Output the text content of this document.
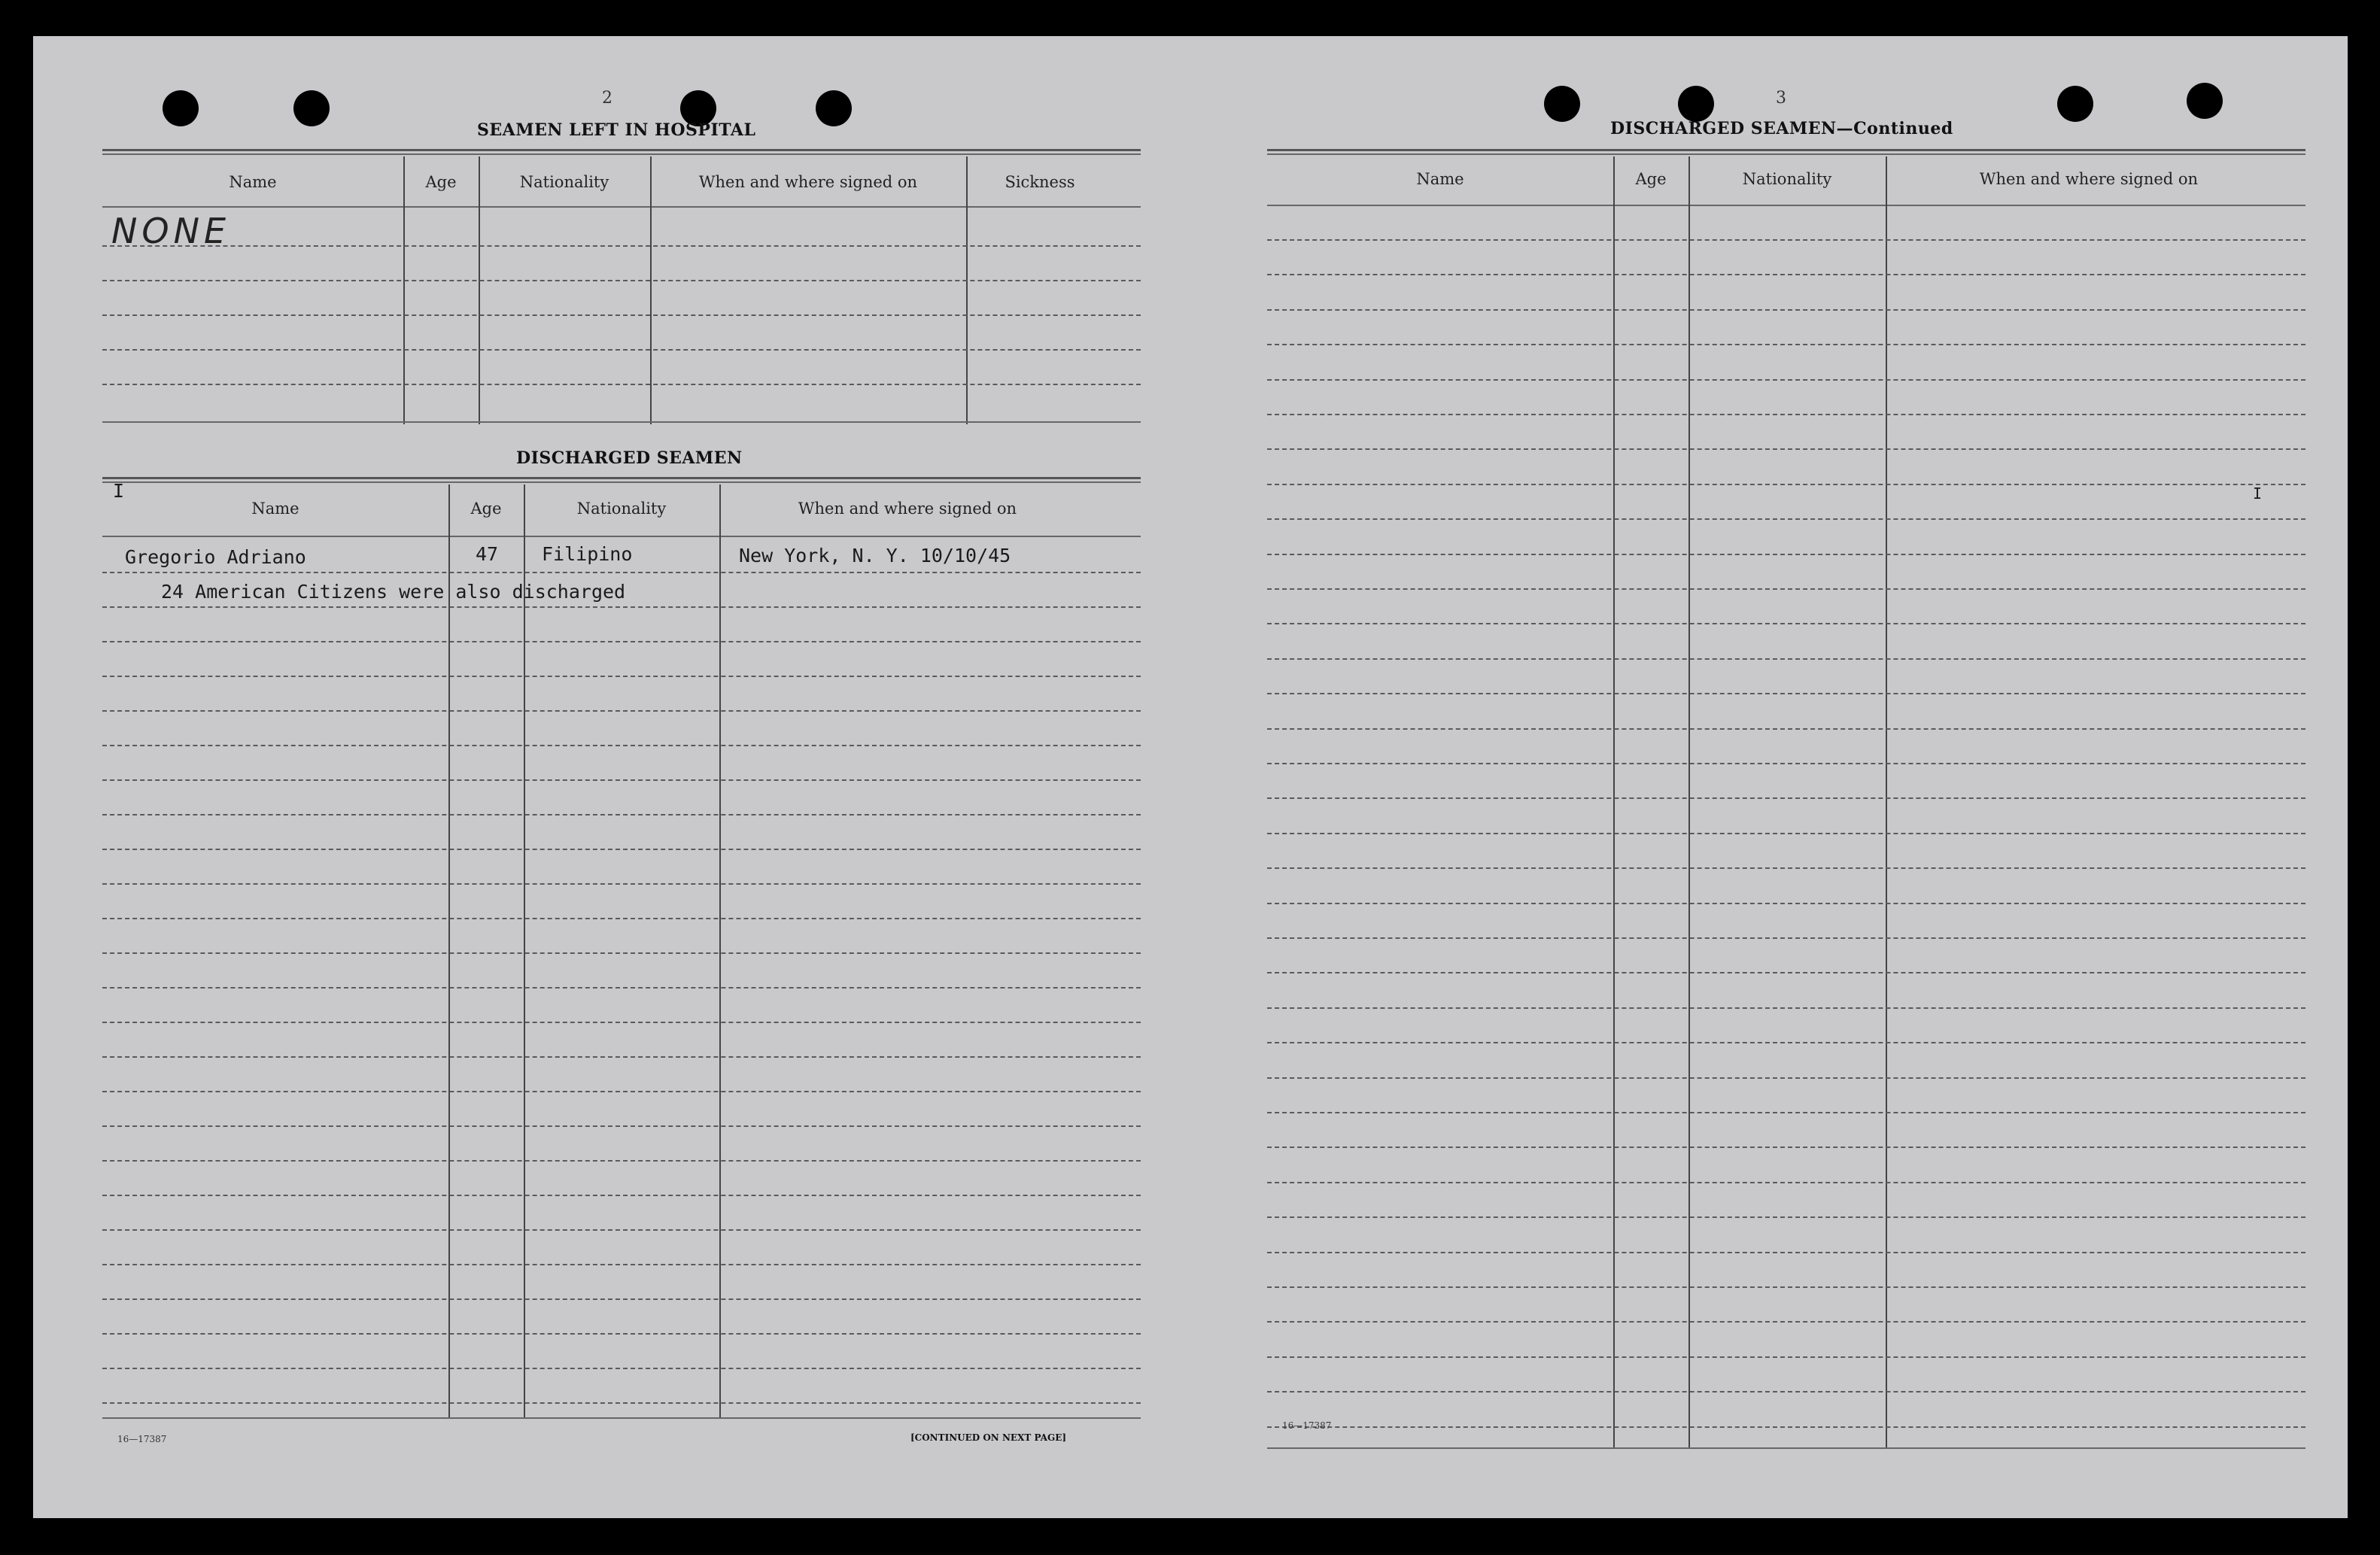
2
SEAMEN LEFT IN HOSPITAL
Name	Age	Nationality	When and where signed on	Sickness
NONE
DISCHARGED SEAMEN
I
Name	Age	Nationality	When and where signed on
Gregorio Adriano	47 Filipino	New York, N. Y. 10/10/45
24 American Citizens were also discharged
16—17387	[CONTINUED ON NEXT PAGE]
3
DISCHARGED SEAMEN—Continued
Name	Age	Nationality	When and where signed on
I
16—17387
